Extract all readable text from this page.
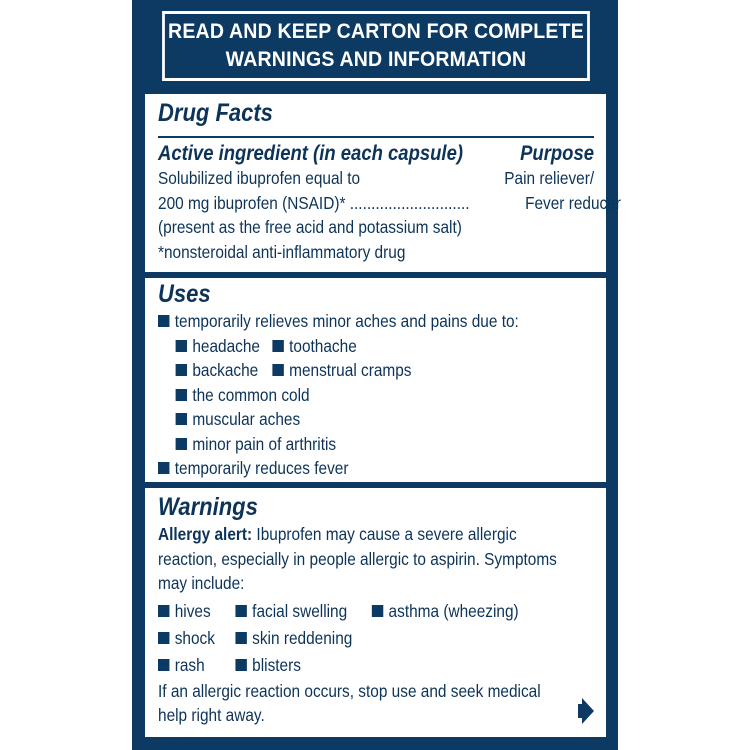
READ AND KEEP CARTON FOR COMPLETE
WARNINGS AND INFORMATION
Drug Facts
Active ingredient (in each capsule)	Purpose
Solubilized ibuprofen equal to	Pain reliever/
200 mg ibuprofen (NSAID)* ............................	Fever reducer
(present as the free acid and potassium salt)
*nonsteroidal anti-inflammatory drug
Uses
temporarily relieves minor aches and pains due to:
headache toothache
backache menstrual cramps
the common cold
muscular aches
minor pain of arthritis
temporarily reduces fever
Warnings
Allergy alert: Ibuprofen may cause a severe allergic
reaction, especially in people allergic to aspirin. Symptoms
may include:
hives facial swelling asthma (wheezing)
shock skin reddening
rash	blisters
If an allergic reaction occurs, stop use and seek medical
help right away.
